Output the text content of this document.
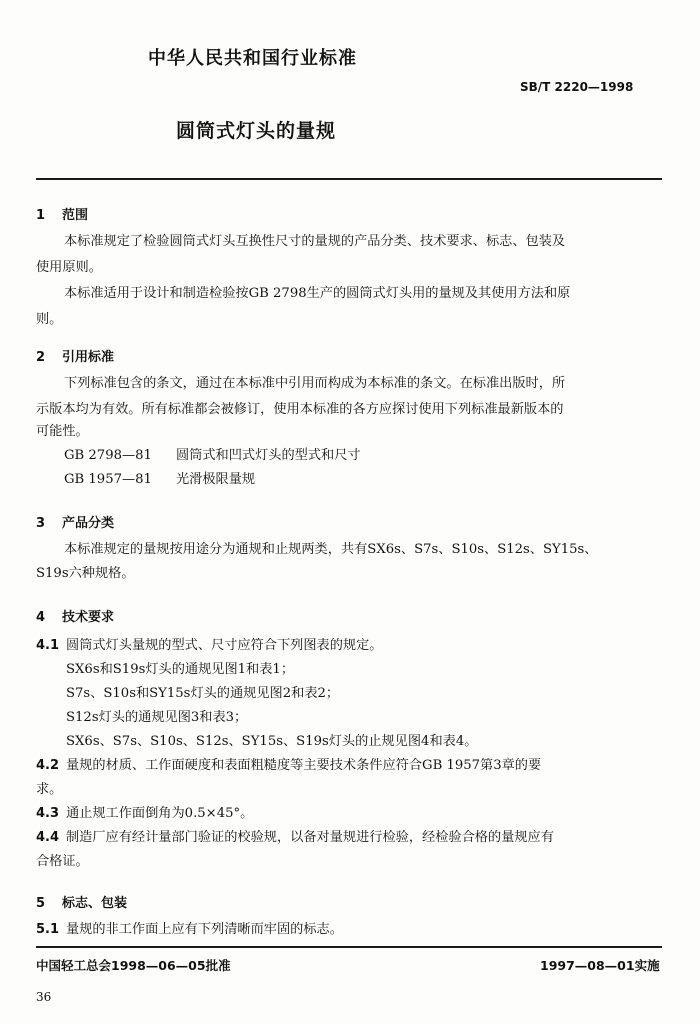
中华人民共和国行业标准
SB/T 2220—1998
圆筒式灯头的量规
1 范围
本标准规定了检验圆筒式灯头互换性尺寸的量规的产品分类、技术要求、标志、包装及
使用原则。
本标准适用于设计和制造检验按GB 2798生产的圆筒式灯头用的量规及其使用方法和原
则。
2 引用标准
下列标准包含的条文，通过在本标准中引用而构成为本标准的条文。在标准出版时，所
示版本均为有效。所有标准都会被修订，使用本标准的各方应探讨使用下列标准最新版本的
可能性。
GB 2798—81 圆筒式和凹式灯头的型式和尺寸
GB 1957—81 光滑极限量规
3 产品分类
本标准规定的量规按用途分为通规和止规两类，共有SX6s、S7s、S10s、S12s、SY15s、
S19s六种规格。
4 技术要求
4.1 圆筒式灯头量规的型式、尺寸应符合下列图表的规定。
SX6s和S19s灯头的通规见图1和表1；
S7s、S10s和SY15s灯头的通规见图2和表2；
S12s灯头的通规见图3和表3；
SX6s、S7s、S10s、S12s、SY15s、S19s灯头的止规见图4和表4。
4.2 量规的材质、工作面硬度和表面粗糙度等主要技术条件应符合GB 1957第3章的要
求。
4.3 通止规工作面倒角为0.5×45°。
4.4 制造厂应有经计量部门验证的校验规，以备对量规进行检验，经检验合格的量规应有
合格证。
5 标志、包装
5.1 量规的非工作面上应有下列清晰而牢固的标志。
中国轻工总会1998—06—05批准	1997—08—01实施
36
